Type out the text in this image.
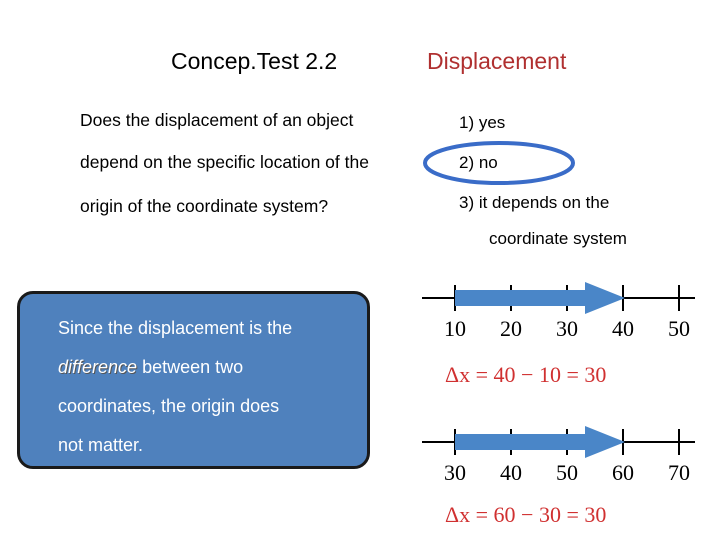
Concep.Test 2.2	Displacement
Does the displacement of an object
depend on the specific location of the
origin of the coordinate system?
1) yes
2) no
3) it depends on the
coordinate system
Since the displacement is the
difference between two
coordinates, the origin does
not matter.
10 20 30 40 50
Δx = 40 − 10 = 30
30 40 50 60 70
Δx = 60 − 30 = 30
